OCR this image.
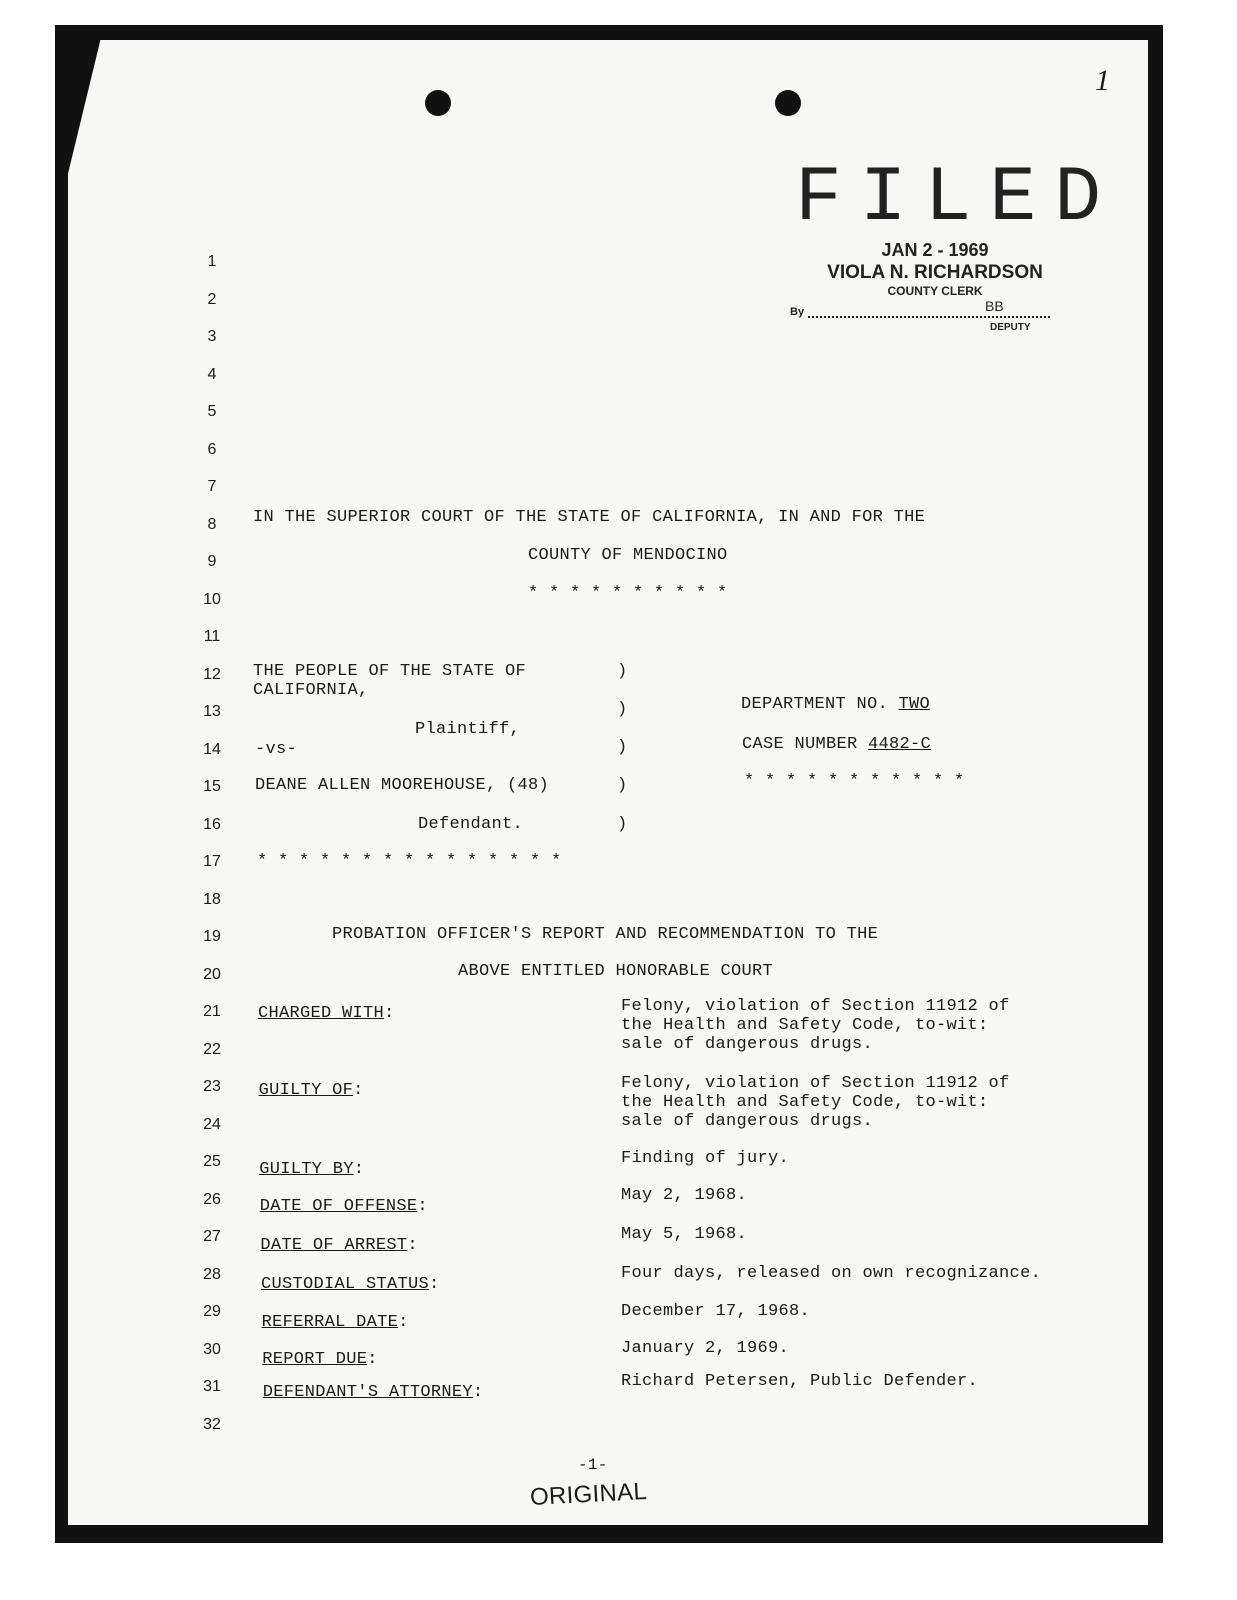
1
FILED
JAN 2 - 1969
VIOLA N. RICHARDSON
COUNTY CLERK
By	BB
DEPUTY
1
2
3
4
5
6
7
8
9
10
11
12
13
14
15
16
17
18
19
20
21
22
23
24
25
26
27
28
29
30
31
32
IN THE SUPERIOR COURT OF THE STATE OF CALIFORNIA, IN AND FOR THE
COUNTY OF MENDOCINO
* * * * * * * * * *
THE PEOPLE OF THE STATE OF
CALIFORNIA,
Plaintiff,
-vs-
DEANE ALLEN MOOREHOUSE, (48)
Defendant.
)
)
)
)
)
* * * * * * * * * * * * * * *
DEPARTMENT NO. TWO
CASE NUMBER 4482-C
* * * * * * * * * * *
PROBATION OFFICER'S REPORT AND RECOMMENDATION TO THE
ABOVE ENTITLED HONORABLE COURT
CHARGED WITH:	Felony, violation of Section 11912 of
the Health and Safety Code, to-wit:
sale of dangerous drugs.
GUILTY OF:	Felony, violation of Section 11912 of
the Health and Safety Code, to-wit:
sale of dangerous drugs.
GUILTY BY:
Finding of jury.
DATE OF OFFENSE:
May 2, 1968.
DATE OF ARREST:
May 5, 1968.
CUSTODIAL STATUS:
Four days, released on own recognizance.
REFERRAL DATE:
December 17, 1968.
REPORT DUE:
January 2, 1969.
DEFENDANT'S ATTORNEY:
Richard Petersen, Public Defender.
-1-
ORIGINAL
